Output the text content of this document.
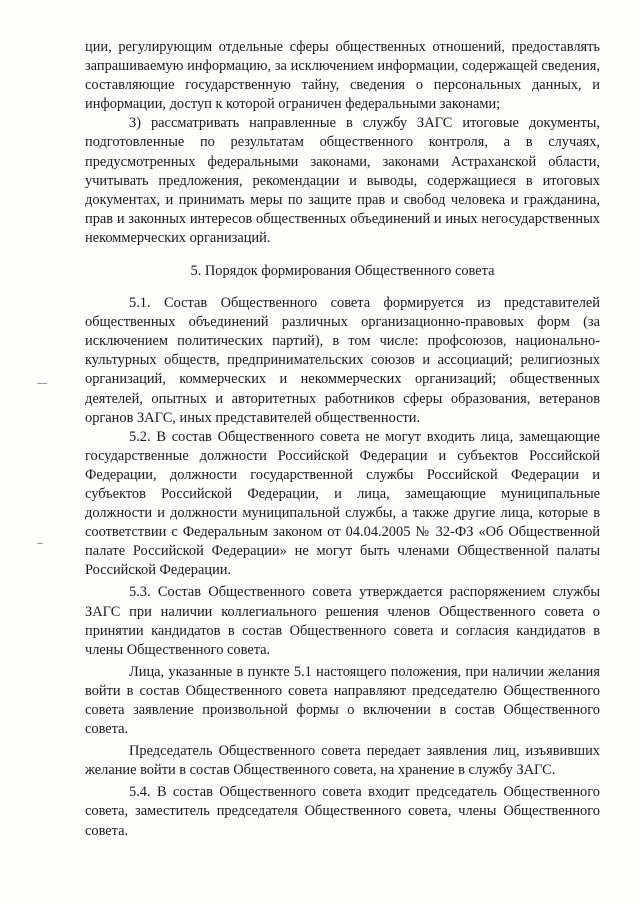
ции, регулирующим отдельные сферы общественных отношений, предоставлять запрашиваемую информацию, за исключением информации, содержащей сведения, составляющие государственную тайну, сведения о персональных данных, и информации, доступ к которой ограничен федеральными законами;

3) рассматривать направленные в службу ЗАГС итоговые документы, подготовленные по результатам общественного контроля, а в случаях, предусмотренных федеральными законами, законами Астраханской области, учитывать предложения, рекомендации и выводы, содержащиеся в итоговых документах, и принимать меры по защите прав и свобод человека и гражданина, прав и законных интересов общественных объединений и иных негосударственных некоммерческих организаций.

5. Порядок формирования Общественного совета

5.1. Состав Общественного совета формируется из представителей общественных объединений различных организационно-правовых форм (за исключением политических партий), в том числе: профсоюзов, национально-культурных обществ, предпринимательских союзов и ассоциаций; религиозных организаций, коммерческих и некоммерческих организаций; общественных деятелей, опытных и авторитетных работников сферы образования, ветеранов органов ЗАГС, иных представителей общественности.

5.2. В состав Общественного совета не могут входить лица, замещающие государственные должности Российской Федерации и субъектов Российской Федерации, должности государственной службы Российской Федерации и субъектов Российской Федерации, и лица, замещающие муниципальные должности и должности муниципальной службы, а также другие лица, которые в соответствии с Федеральным законом от 04.04.2005 № 32-ФЗ «Об Общественной палате Российской Федерации» не могут быть членами Общественной палаты Российской Федерации.

5.3. Состав Общественного совета утверждается распоряжением службы ЗАГС при наличии коллегиального решения членов Общественного совета о принятии кандидатов в состав Общественного совета и согласия кандидатов в члены Общественного совета.

Лица, указанные в пункте 5.1 настоящего положения, при наличии желания войти в состав Общественного совета направляют председателю Общественного совета заявление произвольной формы о включении в состав Общественного совета.

Председатель Общественного совета передает заявления лиц, изъявивших желание войти в состав Общественного совета, на хранение в службу ЗАГС.

5.4. В состав Общественного совета входит председатель Общественного совета, заместитель председателя Общественного совета, члены Общественного совета.
